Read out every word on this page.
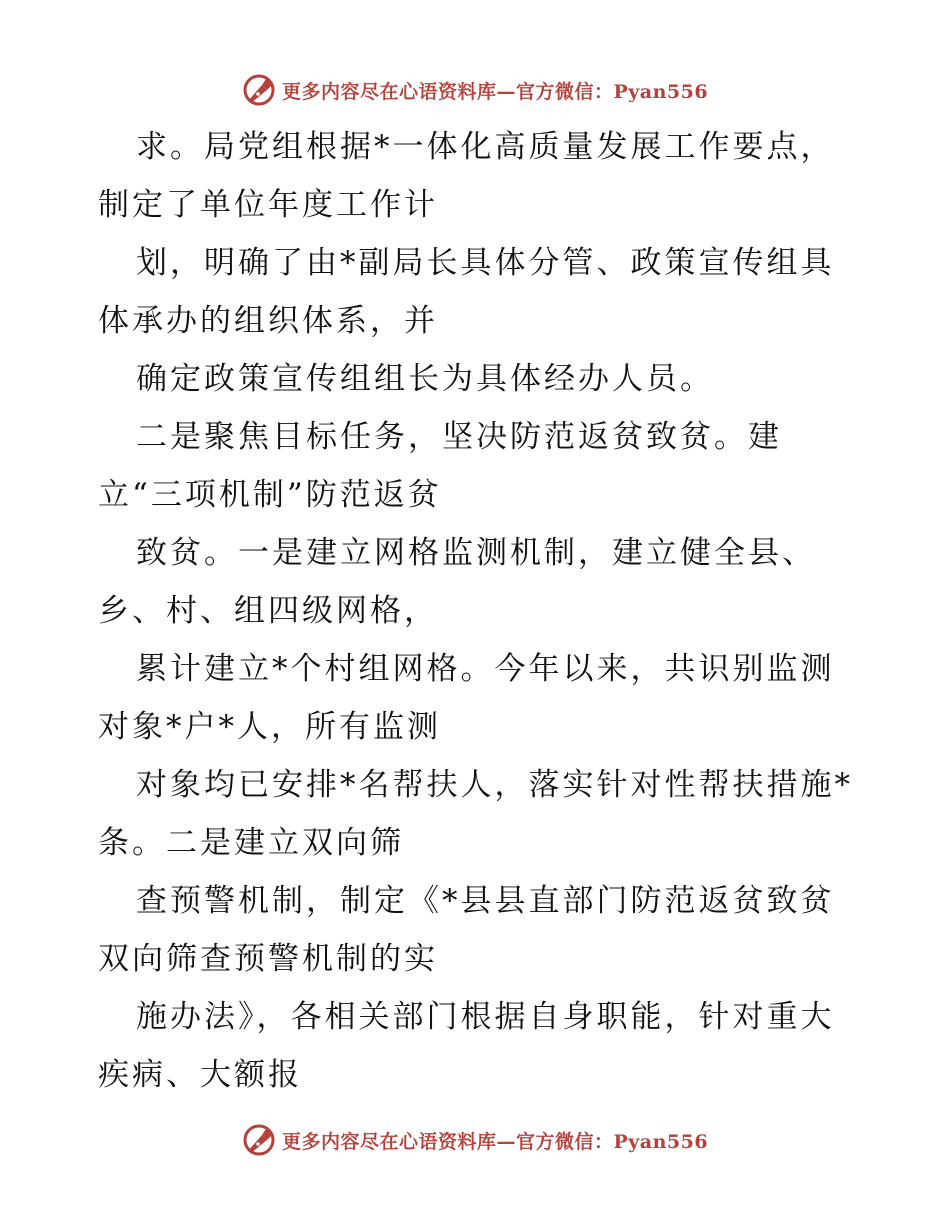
更多内容尽在心语资料库—官方微信：Pyan556
求。局党组根据*一体化高质量发展工作要点，
制定了单位年度工作计
划，明确了由*副局长具体分管、政策宣传组具
体承办的组织体系，并
确定政策宣传组组长为具体经办人员。
二是聚焦目标任务，坚决防范返贫致贫。建
立“三项机制”防范返贫
致贫。一是建立网格监测机制，建立健全县、
乡、村、组四级网格，
累计建立*个村组网格。今年以来，共识别监测
对象*户*人，所有监测
对象均已安排*名帮扶人，落实针对性帮扶措施*
条。二是建立双向筛
查预警机制，制定《*县县直部门防范返贫致贫
双向筛查预警机制的实
施办法》，各相关部门根据自身职能，针对重大
疾病、大额报
更多内容尽在心语资料库—官方微信：Pyan556
